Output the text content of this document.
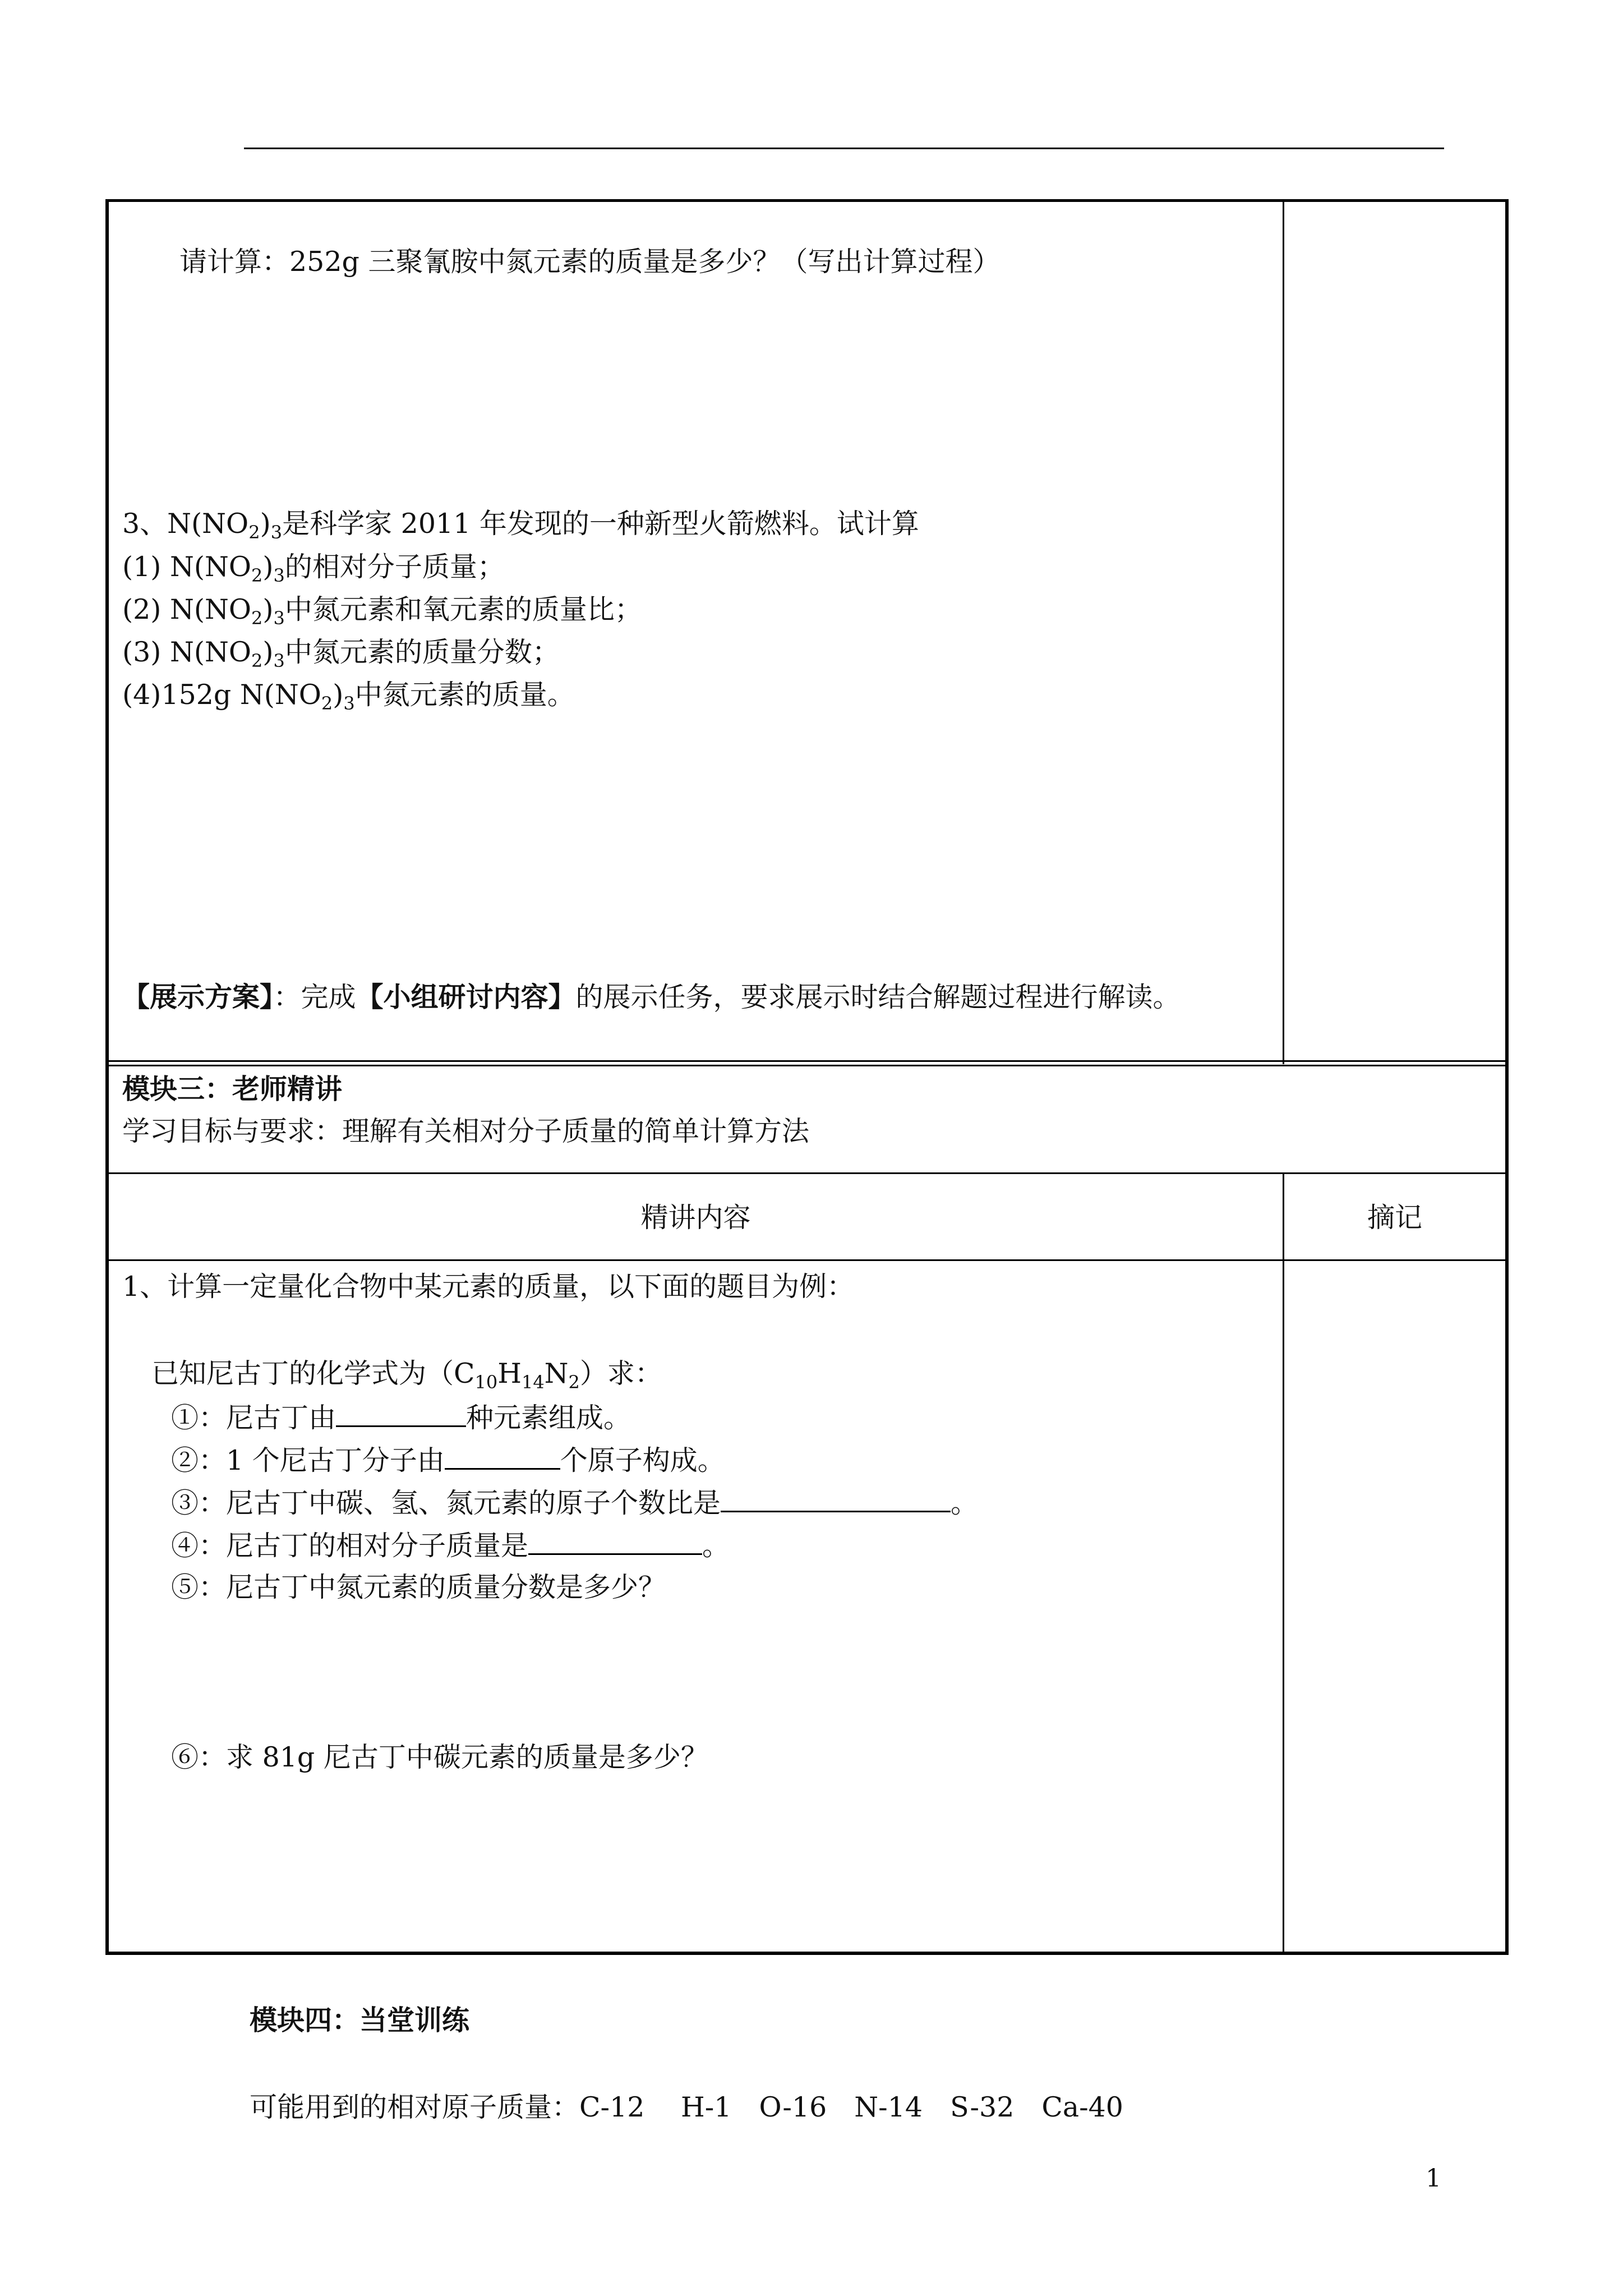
请计算：252g 三聚氰胺中氮元素的质量是多少？（写出计算过程）
3、$N(NO_2)_3$是科学家 2011 年发现的一种新型火箭燃料。试计算
(1) $N(NO_2)_3$的相对分子质量；
(2) $N(NO_2)_3$中氮元素和氧元素的质量比；
(3) $N(NO_2)_3$中氮元素的质量分数；
(4)152g $N(NO_2)_3$中氮元素的质量。
【展示方案】：完成【小组研讨内容】的展示任务，要求展示时结合解题过程进行解读。
模块三：老师精讲
学习目标与要求：理解有关相对分子质量的简单计算方法
精讲内容	摘记
1、计算一定量化合物中某元素的质量，以下面的题目为例：
已知尼古丁的化学式为$(C_{10}H_{14}N_2)$求：
①：尼古丁由	种元素组成。
②：1 个尼古丁分子由	个原子构成。
③：尼古丁中碳、氢、氮元素的原子个数比是	。
④：尼古丁的相对分子质量是	。
⑤：尼古丁中氮元素的质量分数是多少？
⑥：求 81g 尼古丁中碳元素的质量是多少？
模块四：当堂训练
可能用到的相对原子质量：C-12　 H-1　O-16　N-14　S-32　Ca-40
1
